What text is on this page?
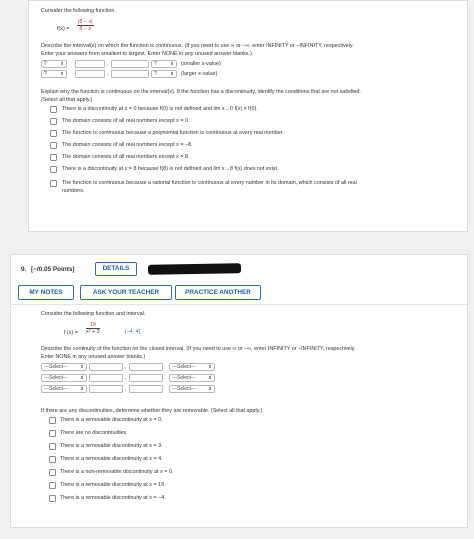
Consider the following function.
$f(x) = \frac{|8 - x|}{8 - x}$
Describe the interval(s) on which the function is continuous. (If you need to use ∞ or −∞, enter INFINITY or −INFINITY, respectively.
Enter your answers from smallest to largest. Enter NONE in any unused answer blanks.)
?	⬍	,	?	⬍ (smaller x-value)
?	⬍	,	?	⬍ (larger x-value)
Explain why the function is continuous on the interval(s). If the function has a discontinuity, identify the conditions that are not satisfied.
(Select all that apply.)
There is a discontinuity at x = 0 because f(0) is not defined and lim x→0 f(x) ≠ f(0).
The domain consists of all real numbers except x = 0.
The function is continuous because a polynomial function is continuous at every real number.
The domain consists of all real numbers except x = −8.
The domain consists of all real numbers except x = 8.
There is a discontinuity at x = 8 because f(8) is not defined and lim x→8 f(x) does not exist.
The function is continuous because a rational function is continuous at every number in its domain, which consists of all real
numbers.
9. [−/0.05 Points]	DETAILS
MY NOTES	ASK YOUR TEACHER	PRACTICE ANOTHER
Consider the following function and interval.
f $(x) = \frac{19}{\text{x² + 3}}$	[−4, 4]
Describe the continuity of the function on the closed interval. (If you need to use ∞ or −∞, enter INFINITY or −INFINITY, respectively.
Enter NONE in any unused answer blanks.)
---Select---	⬍	,	---Select---	⬍
---Select---	⬍	,	---Select---	⬍
---Select---	⬍	,	---Select---	⬍
If there are any discontinuities, determine whether they are removable. (Select all that apply.)
There is a removable discontinuity at x = 0.
There are no discontinuities.
There is a removable discontinuity at x = 3.
There is a removable discontinuity at x = 4.
There is a non-removable discontinuity at x = 0.
There is a removable discontinuity at x = 19.
There is a removable discontinuity at x = −4.
